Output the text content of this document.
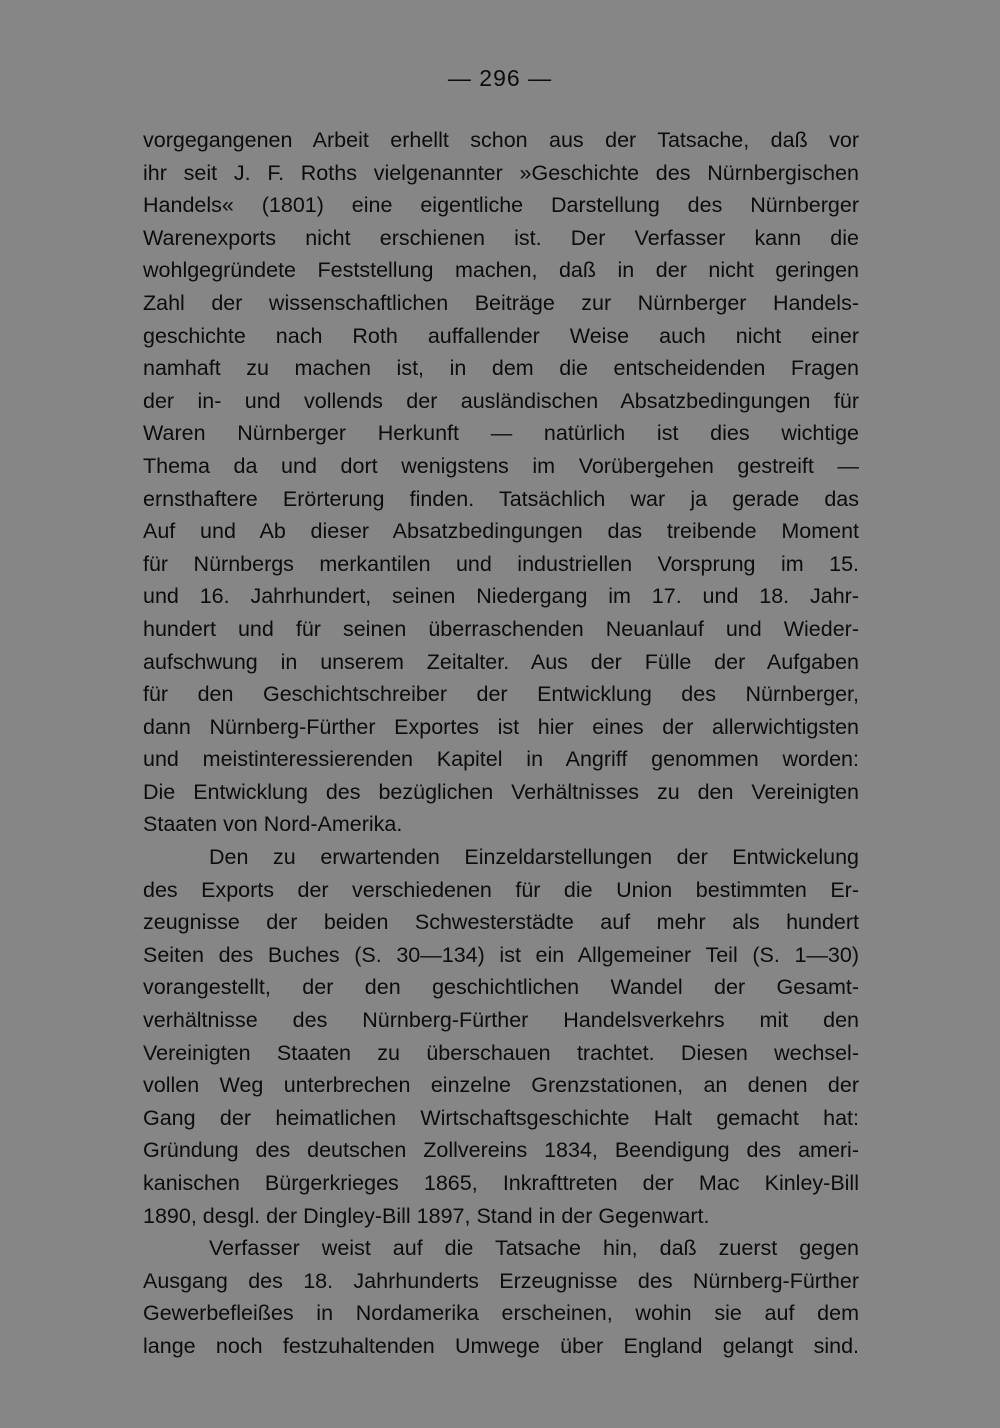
— 296 —
vorgegangenen Arbeit erhellt schon aus der Tatsache, daß vor
ihr seit J. F. Roths vielgenannter »Geschichte des Nürnbergischen
Handels« (1801) eine eigentliche Darstellung des Nürnberger
Warenexports nicht erschienen ist. Der Verfasser kann die
wohlgegründete Feststellung machen, daß in der nicht geringen
Zahl der wissenschaftlichen Beiträge zur Nürnberger Handels-
geschichte nach Roth auffallender Weise auch nicht einer
namhaft zu machen ist, in dem die entscheidenden Fragen
der in- und vollends der ausländischen Absatzbedingungen für
Waren Nürnberger Herkunft — natürlich ist dies wichtige
Thema da und dort wenigstens im Vorübergehen gestreift —
ernsthaftere Erörterung finden. Tatsächlich war ja gerade das
Auf und Ab dieser Absatzbedingungen das treibende Moment
für Nürnbergs merkantilen und industriellen Vorsprung im 15.
und 16. Jahrhundert, seinen Niedergang im 17. und 18. Jahr-
hundert und für seinen überraschenden Neuanlauf und Wieder-
aufschwung in unserem Zeitalter. Aus der Fülle der Aufgaben
für den Geschichtschreiber der Entwicklung des Nürnberger,
dann Nürnberg-Fürther Exportes ist hier eines der allerwichtigsten
und meistinteressierenden Kapitel in Angriff genommen worden:
Die Entwicklung des bezüglichen Verhältnisses zu den Vereinigten
Staaten von Nord-Amerika.
Den zu erwartenden Einzeldarstellungen der Entwickelung
des Exports der verschiedenen für die Union bestimmten Er-
zeugnisse der beiden Schwesterstädte auf mehr als hundert
Seiten des Buches (S. 30—134) ist ein Allgemeiner Teil (S. 1—30)
vorangestellt, der den geschichtlichen Wandel der Gesamt-
verhältnisse des Nürnberg-Fürther Handelsverkehrs mit den
Vereinigten Staaten zu überschauen trachtet. Diesen wechsel-
vollen Weg unterbrechen einzelne Grenzstationen, an denen der
Gang der heimatlichen Wirtschaftsgeschichte Halt gemacht hat:
Gründung des deutschen Zollvereins 1834, Beendigung des ameri-
kanischen Bürgerkrieges 1865, Inkrafttreten der Mac Kinley-Bill
1890, desgl. der Dingley-Bill 1897, Stand in der Gegenwart.
Verfasser weist auf die Tatsache hin, daß zuerst gegen
Ausgang des 18. Jahrhunderts Erzeugnisse des Nürnberg-Fürther
Gewerbefleißes in Nordamerika erscheinen, wohin sie auf dem
lange noch festzuhaltenden Umwege über England gelangt sind.
